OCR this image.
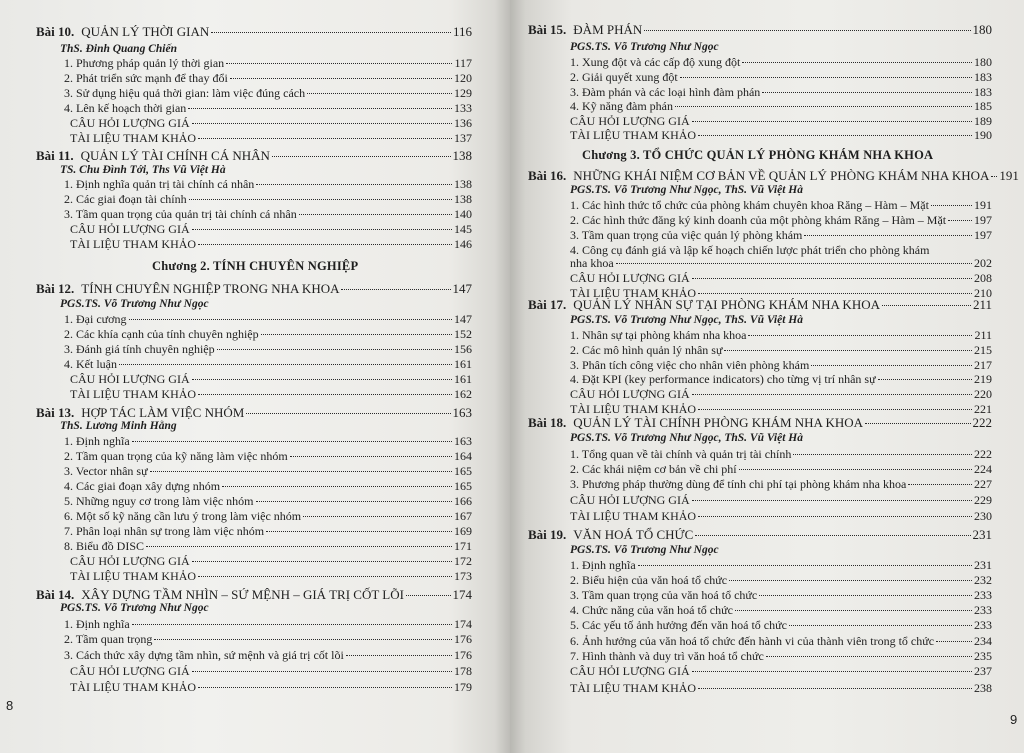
Bài 10. QUẢN LÝ THỜI GIAN	116
ThS. Đinh Quang Chiến
1. Phương pháp quản lý thời gian	117
2. Phát triển sức mạnh để thay đổi	120
3. Sử dụng hiệu quả thời gian: làm việc đúng cách	129
4. Lên kế hoạch thời gian	133
CÂU HỎI LƯỢNG GIÁ	136
TÀI LIỆU THAM KHẢO	137
Bài 11. QUẢN LÝ TÀI CHÍNH CÁ NHÂN	138
TS. Chu Đình Tới, Ths Vũ Việt Hà
1. Định nghĩa quản trị tài chính cá nhân	138
2. Các giai đoạn tài chính	138
3. Tầm quan trọng của quản trị tài chính cá nhân	140
CÂU HỎI LƯỢNG GIÁ	145
TÀI LIỆU THAM KHẢO	146
Chương 2. TÍNH CHUYÊN NGHIỆP
Bài 12. TÍNH CHUYÊN NGHIỆP TRONG NHA KHOA	147
PGS.TS. Võ Trương Như Ngọc
1. Đại cương	147
2. Các khía cạnh của tính chuyên nghiệp	152
3. Đánh giá tính chuyên nghiệp	156
4. Kết luận	161
CÂU HỎI LƯỢNG GIÁ	161
TÀI LIỆU THAM KHẢO	162
Bài 13. HỢP TÁC LÀM VIỆC NHÓM	163
ThS. Lương Minh Hằng
1. Định nghĩa	163
2. Tầm quan trọng của kỹ năng làm việc nhóm	164
3. Vector nhân sự	165
4. Các giai đoạn xây dựng nhóm	165
5. Những nguy cơ trong làm việc nhóm	166
6. Một số kỹ năng cần lưu ý trong làm việc nhóm	167
7. Phân loại nhân sự trong làm việc nhóm	169
8. Biểu đồ DISC	171
CÂU HỎI LƯỢNG GIÁ	172
TÀI LIỆU THAM KHẢO	173
Bài 14. XÂY DỰNG TẦM NHÌN – SỨ MỆNH – GIÁ TRỊ CỐT LÕI	174
PGS.TS. Võ Trương Như Ngọc
1. Định nghĩa	174
2. Tầm quan trọng	176
3. Cách thức xây dựng tầm nhìn, sứ mệnh và giá trị cốt lõi	176
CÂU HỎI LƯỢNG GIÁ	178
TÀI LIỆU THAM KHẢO	179
8
Bài 15. ĐÀM PHÁN	180
PGS.TS. Võ Trương Như Ngọc
1. Xung đột và các cấp độ xung đột	180
2. Giải quyết xung đột	183
3. Đàm phán và các loại hình đàm phán	183
4. Kỹ năng đàm phán	185
CÂU HỎI LƯỢNG GIÁ	189
TÀI LIỆU THAM KHẢO	190
Chương 3. TỔ CHỨC QUẢN LÝ PHÒNG KHÁM NHA KHOA
Bài 16. NHỮNG KHÁI NIỆM CƠ BẢN VỀ QUẢN LÝ PHÒNG KHÁM NHA KHOA 191
PGS.TS. Võ Trương Như Ngọc, ThS. Vũ Việt Hà
1. Các hình thức tổ chức của phòng khám chuyên khoa Răng – Hàm – Mặt	191
2. Các hình thức đăng ký kinh doanh của một phòng khám Răng – Hàm – Mặt 197
3. Tầm quan trọng của việc quản lý phòng khám	197
4. Công cụ đánh giá và lập kế hoạch chiến lược phát triển cho phòng khám
nha khoa	202
CÂU HỎI LƯỢNG GIÁ	208
TÀI LIỆU THAM KHẢO	210
Bài 17. QUẢN LÝ NHÂN SỰ TẠI PHÒNG KHÁM NHA KHOA	211
PGS.TS. Võ Trương Như Ngọc, ThS. Vũ Việt Hà
1. Nhân sự tại phòng khám nha khoa	211
2. Các mô hình quản lý nhân sự	215
3. Phân tích công việc cho nhân viên phòng khám	217
4. Đặt KPI (key performance indicators) cho từng vị trí nhân sự	219
CÂU HỎI LƯỢNG GIÁ	220
TÀI LIỆU THAM KHẢO	221
Bài 18. QUẢN LÝ TÀI CHÍNH PHÒNG KHÁM NHA KHOA	222
PGS.TS. Võ Trương Như Ngọc, ThS. Vũ Việt Hà
1. Tổng quan về tài chính và quản trị tài chính	222
2. Các khái niệm cơ bản về chi phí	224
3. Phương pháp thường dùng để tính chi phí tại phòng khám nha khoa	227
CÂU HỎI LƯỢNG GIÁ	229
TÀI LIỆU THAM KHẢO	230
Bài 19. VĂN HOÁ TỔ CHỨC	231
PGS.TS. Võ Trương Như Ngọc
1. Định nghĩa	231
2. Biểu hiện của văn hoá tổ chức	232
3. Tầm quan trọng của văn hoá tổ chức	233
4. Chức năng của văn hoá tổ chức	233
5. Các yếu tố ảnh hưởng đến văn hoá tổ chức	233
6. Ảnh hưởng của văn hoá tổ chức đến hành vi của thành viên trong tổ chức	234
7. Hình thành và duy trì văn hoá tổ chức	235
CÂU HỎI LƯỢNG GIÁ	237
TÀI LIỆU THAM KHẢO	238
9
